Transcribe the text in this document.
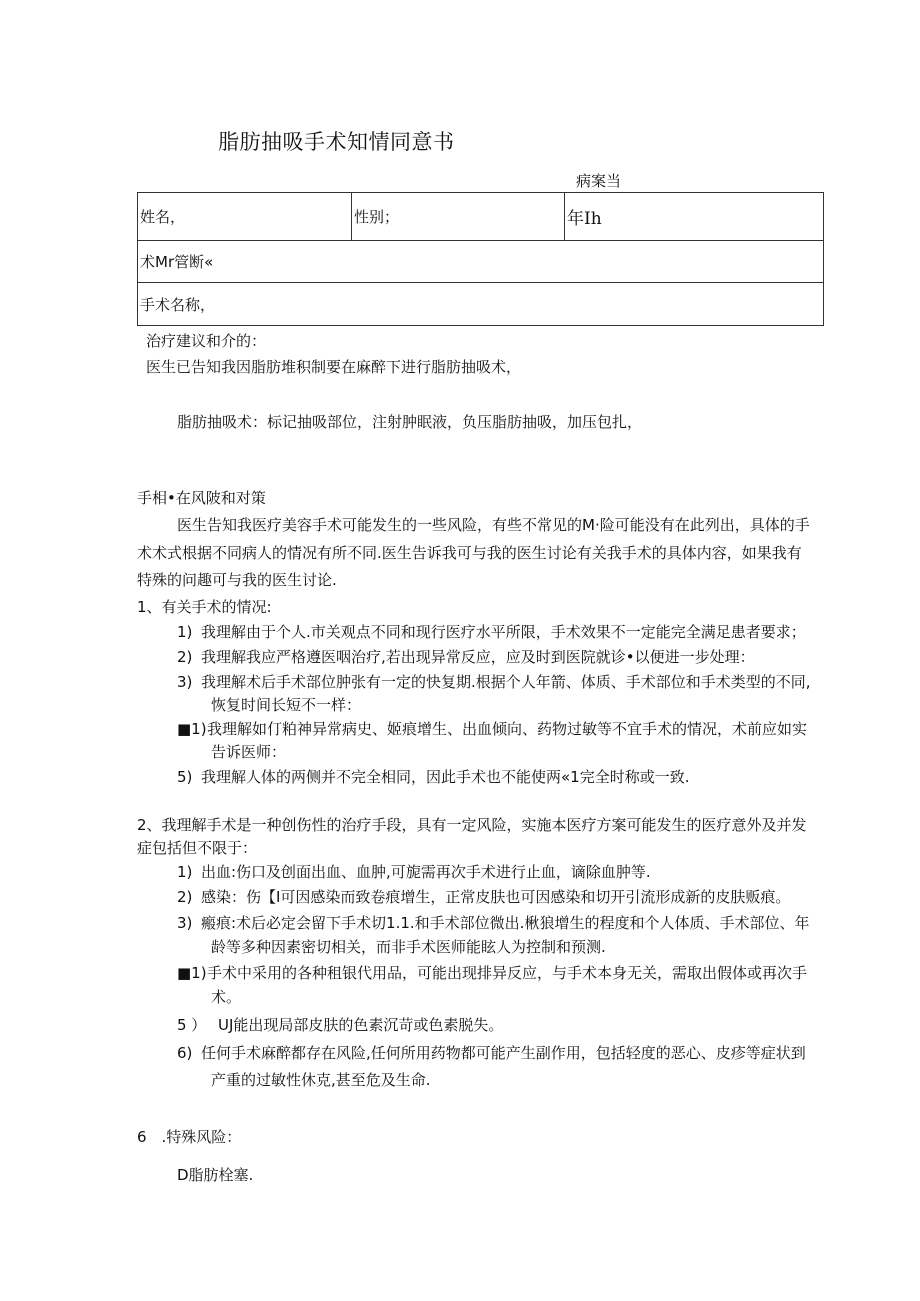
脂肪抽吸手术知情同意书
病案当
姓名，	性别；	年Ih
术Mr管断«
手术名称，
治疗建议和介的：
医生已告知我因脂肪堆积制要在麻醉下进行脂肪抽吸术，
脂肪抽吸术：标记抽吸部位，注射肿眠液，负压脂肪抽吸，加压包扎，
手相•在风陂和对策
医生告知我医疗美容手术可能发生的一些风险，有些不常见的M·险可能没有在此列出，具体的手
术术式根据不同病人的情况有所不同.医生告诉我可与我的医生讨论有关我手术的具体内容，如果我有
特殊的问趣可与我的医生讨论.
1、有关手术的情况:
1) 我理解由于个人.市关观点不同和现行医疗水平所限，手术效果不一定能完全满足患者要求；
2) 我理解我应严格遵医咽治疗,若出现异常反应，应及时到医院就诊•以便进一步处理：
3) 我理解术后手术部位肿张有一定的快复期.根据个人年箭、体质、手术部位和手术类型的不同,
恢复时间长短不一样：
■1) 我理解如仃粕神异常病史、姬痕增生、出血倾向、药物过敏等不宜手术的情况，术前应如实
告诉医师：
5) 我理解人体的两侧并不完全相同，因此手术也不能使两«1完全时称或一致.
2、我理解手术是一种创伤性的治疗手段，具有一定风险，实施本医疗方案可能发生的医疗意外及并发
症包括但不限于：
1) 出血:伤口及创面出血、血肿,可旎需再次手术进行止血，谪除血肿等.
2) 感染：伤【I可因感染而致卷痕增生，正常皮肤也可因感染和切开引流形成新的皮肤贩痕。
3) 瘢痕:术后必定会留下手术切1.1.和手术部位微出.楸狼增生的程度和个人体质、手术部位、年
龄等多种因素密切相关，而非手术医师能眩人为控制和预测.
■1) 手术中采用的各种租银代用品，可能出现排异反应，与手术本身无关，需取出假体或再次手
术。
5 ） UJ能出现局部皮肤的色素沉苛或色素脱失。
6) 任何手术麻醉都存在风险,任何所用药物都可能产生副作用，包括轻度的恶心、皮疹等症状到
产重的过敏性休克,甚至危及生命.
6　.特殊风险：
D脂肪栓塞.
